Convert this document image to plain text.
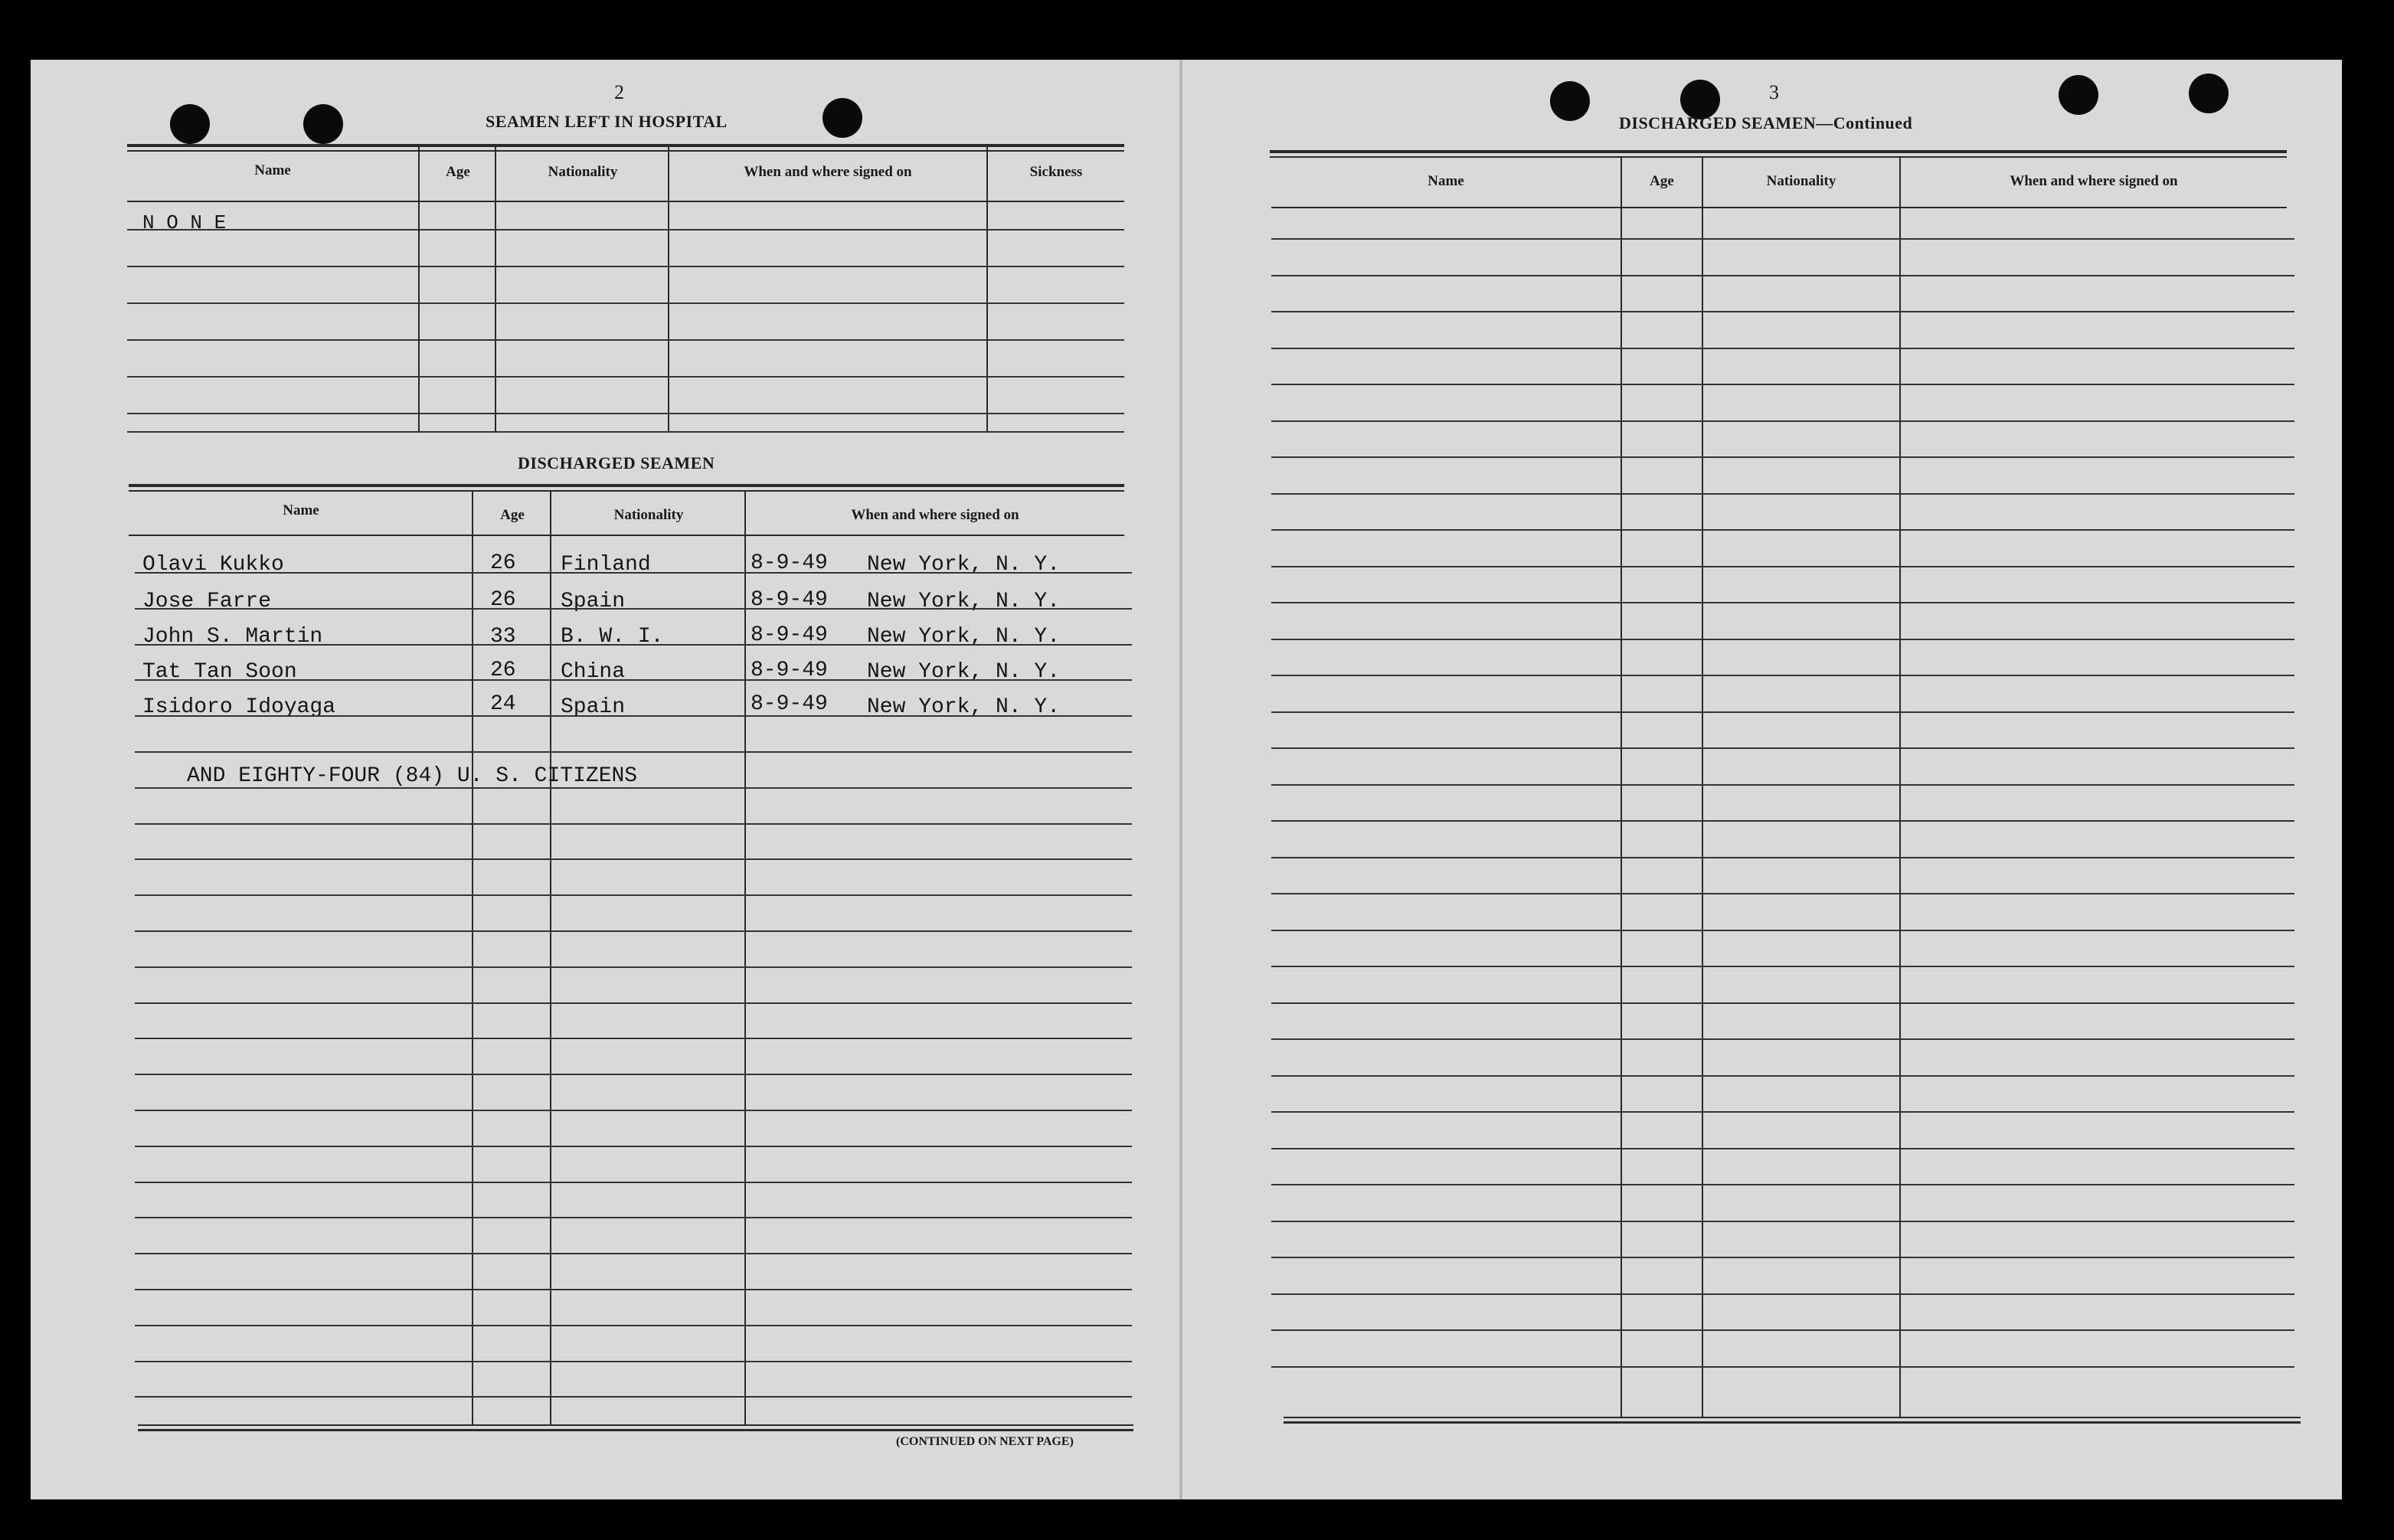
2
SEAMEN LEFT IN HOSPITAL
Name	Age	Nationality	When and where signed on	Sickness
N O N E
DISCHARGED SEAMEN
Name	Age	Nationality	When and where signed on
Olavi Kukko	26 Finland	8-9-49 New York, N. Y.
Jose Farre	26 Spain	8-9-49 New York, N. Y.
John S. Martin	33 B. W. I.	8-9-49 New York, N. Y.
Tat Tan Soon	26 China	8-9-49 New York, N. Y.
Isidoro Idoyaga	24 Spain	8-9-49 New York, N. Y.
AND EIGHTY-FOUR (84) U. S. CITIZENS
(CONTINUED ON NEXT PAGE)
3
DISCHARGED SEAMEN—Continued
Name	Age	Nationality	When and where signed on
